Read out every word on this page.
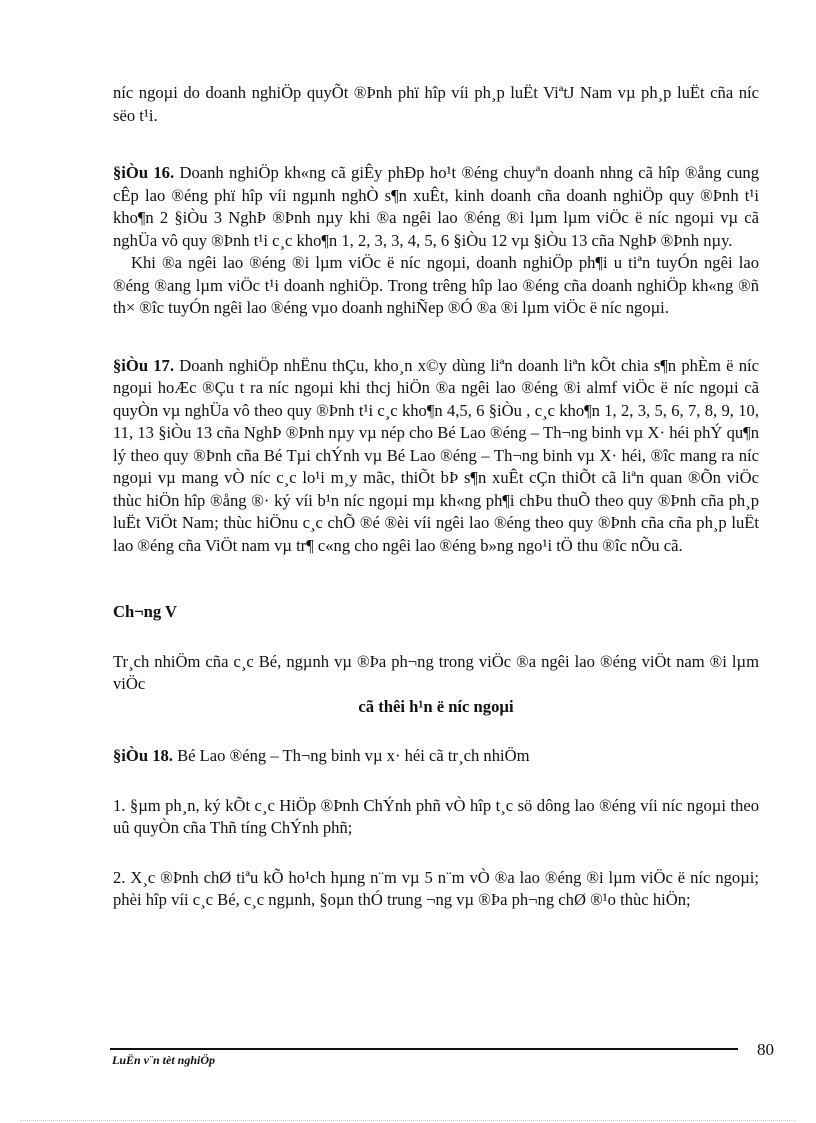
níc ngoµi do doanh nghiÖp quyÕt ®Þnh phï hîp víi ph¸p luËt ViªtJ Nam vµ ph¸p luËt cña níc sëo t¹i.

§iÒu 16. Doanh nghiÖp kh«ng cã giÊy phÐp ho¹t ®éng chuyªn doanh nhng cã hîp ®ång cung cÊp lao ®éng phï hîp víi ngµnh nghÒ s¶n xuÊt, kinh doanh cña doanh nghiÖp quy ®Þnh t¹i kho¶n 2 §iÒu 3 NghÞ ®Þnh nµy khi ®a ngêi lao ®éng ®i lµm lµm viÖc ë níc ngoµi vµ cã nghÜa vô quy ®Þnh t¹i c¸c kho¶n 1, 2, 3, 3, 4, 5, 6 §iÒu 12 vµ §iÒu 13 cña NghÞ ®Þnh nµy.

Khi ®a ngêi lao ®éng ®i lµm viÖc ë níc ngoµi, doanh nghiÖp ph¶i u tiªn tuyÓn ngêi lao ®éng ®ang lµm viÖc t¹i doanh nghiÖp. Trong trêng hîp lao ®éng cña doanh nghiÖp kh«ng ®ñ th× ®îc tuyÓn ngêi lao ®éng vµo doanh nghiÑep ®Ó ®a ®i lµm viÖc ë níc ngoµi.

§iÒu 17. Doanh nghiÖp nhËnu thÇu, kho¸n x©y dùng liªn doanh liªn kÕt chia s¶n phÈm ë níc ngoµi hoÆc ®Çu t ra níc ngoµi khi thcj hiÖn ®a ngêi lao ®éng ®i almf viÖc ë níc ngoµi cã quyÒn vµ nghÜa vô theo quy ®Þnh t¹i c¸c kho¶n 4,5, 6 §iÒu , c¸c kho¶n 1, 2, 3, 5, 6, 7, 8, 9, 10, 11, 13 §iÒu 13 cña NghÞ ®Þnh nµy vµ nép cho Bé Lao ®éng – Th¬ng binh vµ X· héi phÝ qu¶n lý theo quy ®Þnh cña Bé Tµi chÝnh vµ Bé Lao ®éng – Th¬ng binh vµ X· héi, ®îc mang ra níc ngoµi vµ mang vÒ níc c¸c lo¹i m¸y mãc, thiÕt bÞ s¶n xuÊt cÇn thiÕt cã liªn quan ®Õn viÖc thùc hiÖn hîp ®ång ®· ký víi b¹n níc ngoµi mµ kh«ng ph¶i chÞu thuÕ theo quy ®Þnh cña ph¸p luËt ViÖt Nam; thùc hiÖnu c¸c chÕ ®é ®èi víi ngêi lao ®éng theo quy ®Þnh cña cña ph¸p luËt lao ®éng cña ViÖt nam vµ tr¶ c«ng cho ngêi lao ®éng b»ng ngo¹i tÖ thu ®îc nÕu cã.

Ch¬ng V

Tr¸ch nhiÖm cña c¸c Bé, ngµnh vµ ®Þa ph¬ng trong viÖc ®a ngêi lao ®éng viÖt nam ®i lµm viÖc

cã thêi h¹n ë níc ngoµi

§iÒu 18. Bé Lao ®éng – Th¬ng binh vµ x· héi cã tr¸ch nhiÖm

1. §µm ph¸n, ký kÕt c¸c HiÖp ®Þnh ChÝnh phñ vÒ hîp t¸c sö dông lao ®éng víi níc ngoµi theo uû quyÒn cña Thñ tíng ChÝnh phñ;

2. X¸c ®Þnh chØ tiªu kÕ ho¹ch hµng n¨m vµ 5 n¨m vÒ ®a lao ®éng ®i lµm viÖc ë níc ngoµi; phèi hîp víi c¸c Bé, c¸c ngµnh, §oµn thÓ trung ¬ng vµ ®Þa ph¬ng chØ ®¹o thùc hiÖn;

LuËn v¨n tèt nghiÖp
80
